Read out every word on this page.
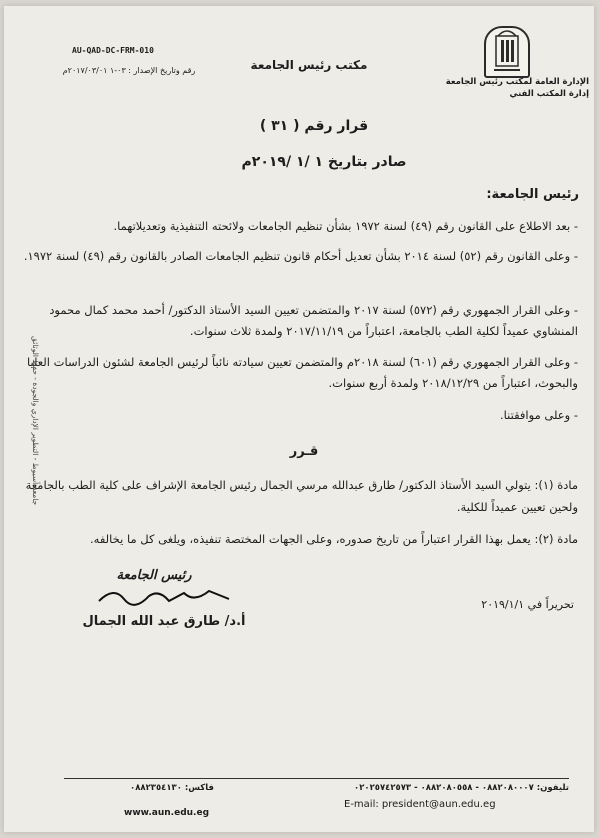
الإدارة العامة لمكتب رئيس الجامعة
إدارة المكتب الفني
مكتب رئيس الجامعة
AU-QAD-DC-FRM-010
رقم وتاريخ الإصدار : ٠٣-١ ٢٠١٧/٠٣/٠١م
قرار رقم ( ٣١ )
صادر بتاريخ ١ /١ /٢٠١٩م
رئيس الجامعة:
- بعد الاطلاع على القانون رقم (٤٩) لسنة ١٩٧٢ بشأن تنظيم الجامعات ولائحته التنفيذية وتعديلاتهما.
- وعلى القانون رقم (٥٢) لسنة ٢٠١٤ بشأن تعديل أحكام قانون تنظيم الجامعات الصادر بالقانون رقم (٤٩) لسنة ١٩٧٢.
- وعلى القرار الجمهوري رقم (٥٧٢) لسنة ٢٠١٧ والمتضمن تعيين السيد الأستاذ الدكتور/ أحمد محمد كمال محمود المنشاوي عميداً لكلية الطب بالجامعة، اعتباراً من ٢٠١٧/١١/١٩ ولمدة ثلاث سنوات.
- وعلى القرار الجمهوري رقم (٦٠١) لسنة ٢٠١٨م والمتضمن تعيين سيادته نائباً لرئيس الجامعة لشئون الدراسات العليا والبحوث، اعتباراً من ٢٠١٨/١٢/٢٩ ولمدة أربع سنوات.
- وعلى موافقتنا.
قـرر
مادة (١): يتولي السيد الأستاذ الدكتور/ طارق عبدالله مرسي الجمال رئيس الجامعة الإشراف على كلية الطب بالجامعة ولحين تعيين عميداً للكلية.
مادة (٢): يعمل بهذا القرار اعتباراً من تاريخ صدوره، وعلى الجهات المختصة تنفيذه، ويلغى كل ما يخالفه.
جامعة أسيوط - التطوير الإداري والجودة - حفظ الوثائق
رئيس الجامعة
أ.د/ طارق عبد الله الجمال
تحريراً في ٢٠١٩/١/١
تليفون: ٠٨٨٢٠٨٠٠٠٧ - ٠٨٨٢٠٨٠٥٥٨ - ٠٢٠٢٥٧٤٢٥٧٣
فاكس: ٠٨٨٢٣٥٤١٣٠
E-mail: president@aun.edu.eg
www.aun.edu.eg
